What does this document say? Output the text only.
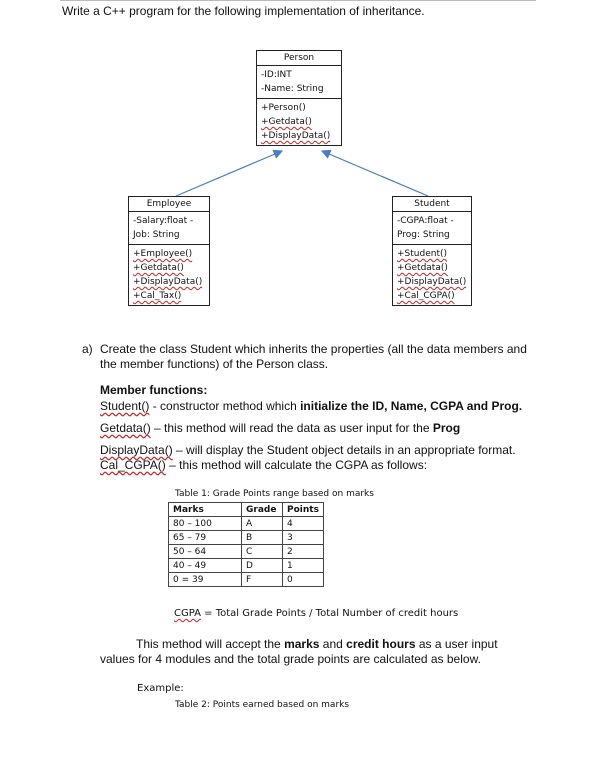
Write a C++ program for the following implementation of inheritance.
Person
-ID:INT
-Name: String
+Person()
+Getdata()
+DisplayData()
Employee
-Salary:float -
Job: String
+Employee()
+Getdata()
+DisplayData()
+Cal_Tax()
Student
-CGPA:float -
Prog: String
+Student()
+Getdata()
+DisplayData()
+Cal_CGPA()
a) Create the class Student which inherits the properties (all the data members and the member functions) of the Person class.
Member functions:
Student() - constructor method which initialize the ID, Name, CGPA and Prog.
Getdata() – this method will read the data as user input for the Prog
DisplayData() – will display the Student object details in an appropriate format.
Cal_CGPA() – this method will calculate the CGPA as follows:
Table 1: Grade Points range based on marks
Marks	Grade	Points
80 – 100	A	4
65 – 79	B	3
50 – 64	C	2
40 – 49	D	1
0 = 39	F	0
CGPA = Total Grade Points / Total Number of credit hours
This method will accept the marks and credit hours as a user input values for 4 modules and the total grade points are calculated as below.
Example:
Table 2: Points earned based on marks
